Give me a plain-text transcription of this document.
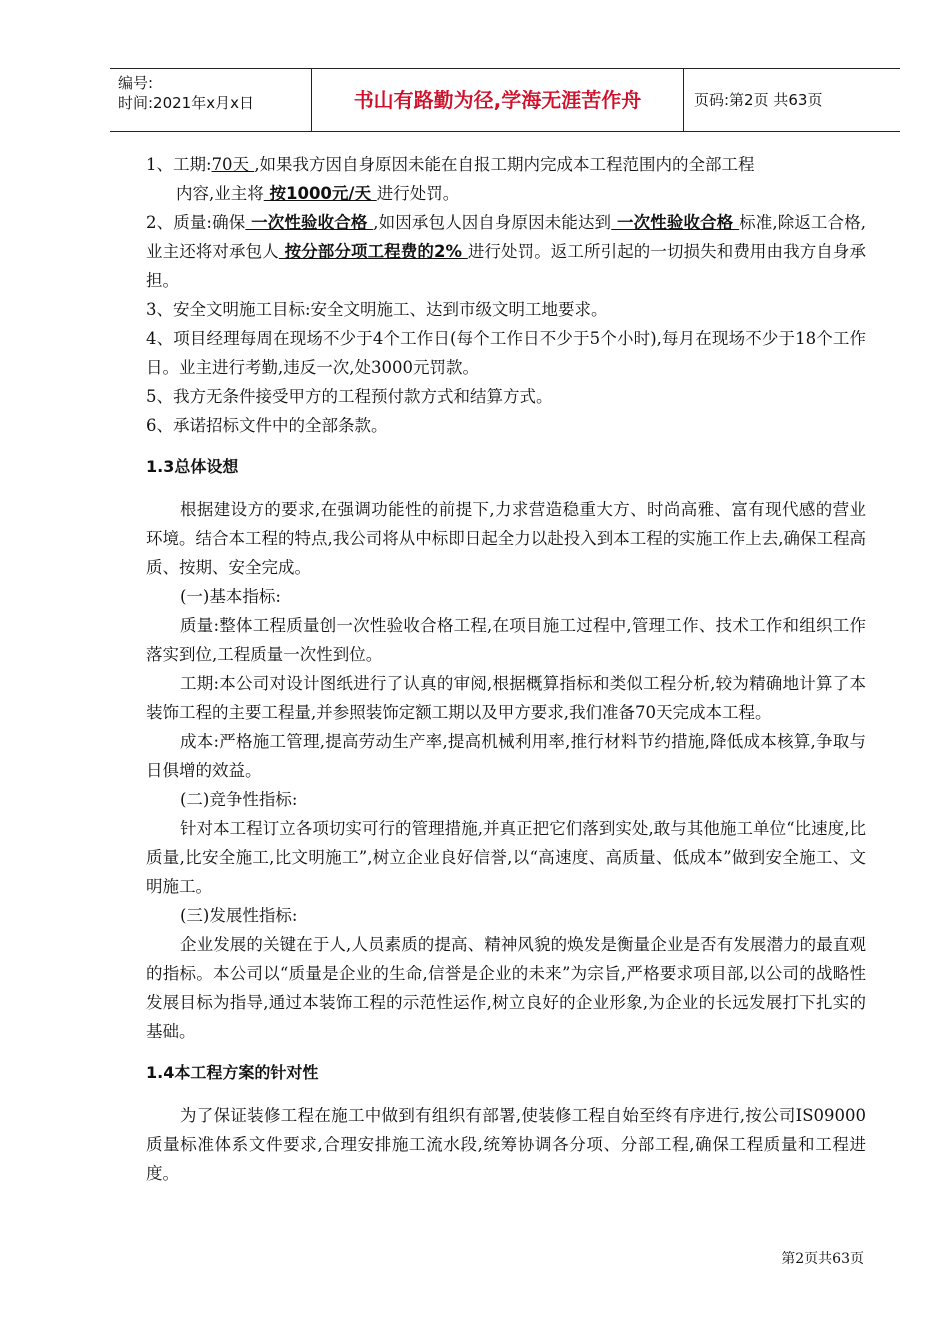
编号:
时间:2021年x月x日	书山有路勤为径,学海无涯苦作舟	页码:第2页 共63页

1、工期:70天 ,如果我方因自身原因未能在自报工期内完成本工程范围内的全部工程

内容,业主将 按1000元/天 进行处罚。

2、质量:确保 一次性验收合格 ,如因承包人因自身原因未能达到 一次性验收合格 标准,除返工合格,业主还将对承包人 按分部分项工程费的2% 进行处罚。返工所引起的一切损失和费用由我方自身承担。

3、安全文明施工目标:安全文明施工、达到市级文明工地要求。

4、项目经理每周在现场不少于4个工作日(每个工作日不少于5个小时),每月在现场不少于18个工作日。业主进行考勤,违反一次,处3000元罚款。

5、我方无条件接受甲方的工程预付款方式和结算方式。

6、承诺招标文件中的全部条款。

1.3总体设想

根据建设方的要求,在强调功能性的前提下,力求营造稳重大方、时尚高雅、富有现代感的营业环境。结合本工程的特点,我公司将从中标即日起全力以赴投入到本工程的实施工作上去,确保工程高质、按期、安全完成。

(一)基本指标:

质量:整体工程质量创一次性验收合格工程,在项目施工过程中,管理工作、技术工作和组织工作落实到位,工程质量一次性到位。

工期:本公司对设计图纸进行了认真的审阅,根据概算指标和类似工程分析,较为精确地计算了本装饰工程的主要工程量,并参照装饰定额工期以及甲方要求,我们准备70天完成本工程。

成本:严格施工管理,提高劳动生产率,提高机械利用率,推行材料节约措施,降低成本核算,争取与日俱增的效益。

(二)竞争性指标:

针对本工程订立各项切实可行的管理措施,并真正把它们落到实处,敢与其他施工单位“比速度,比质量,比安全施工,比文明施工”,树立企业良好信誉,以“高速度、高质量、低成本”做到安全施工、文明施工。

(三)发展性指标:

企业发展的关键在于人,人员素质的提高、精神风貌的焕发是衡量企业是否有发展潜力的最直观的指标。本公司以“质量是企业的生命,信誉是企业的未来”为宗旨,严格要求项目部,以公司的战略性发展目标为指导,通过本装饰工程的示范性运作,树立良好的企业形象,为企业的长远发展打下扎实的基础。

1.4本工程方案的针对性

为了保证装修工程在施工中做到有组织有部署,使装修工程自始至终有序进行,按公司IS09000质量标准体系文件要求,合理安排施工流水段,统筹协调各分项、分部工程,确保工程质量和工程进度。

第2页共63页
